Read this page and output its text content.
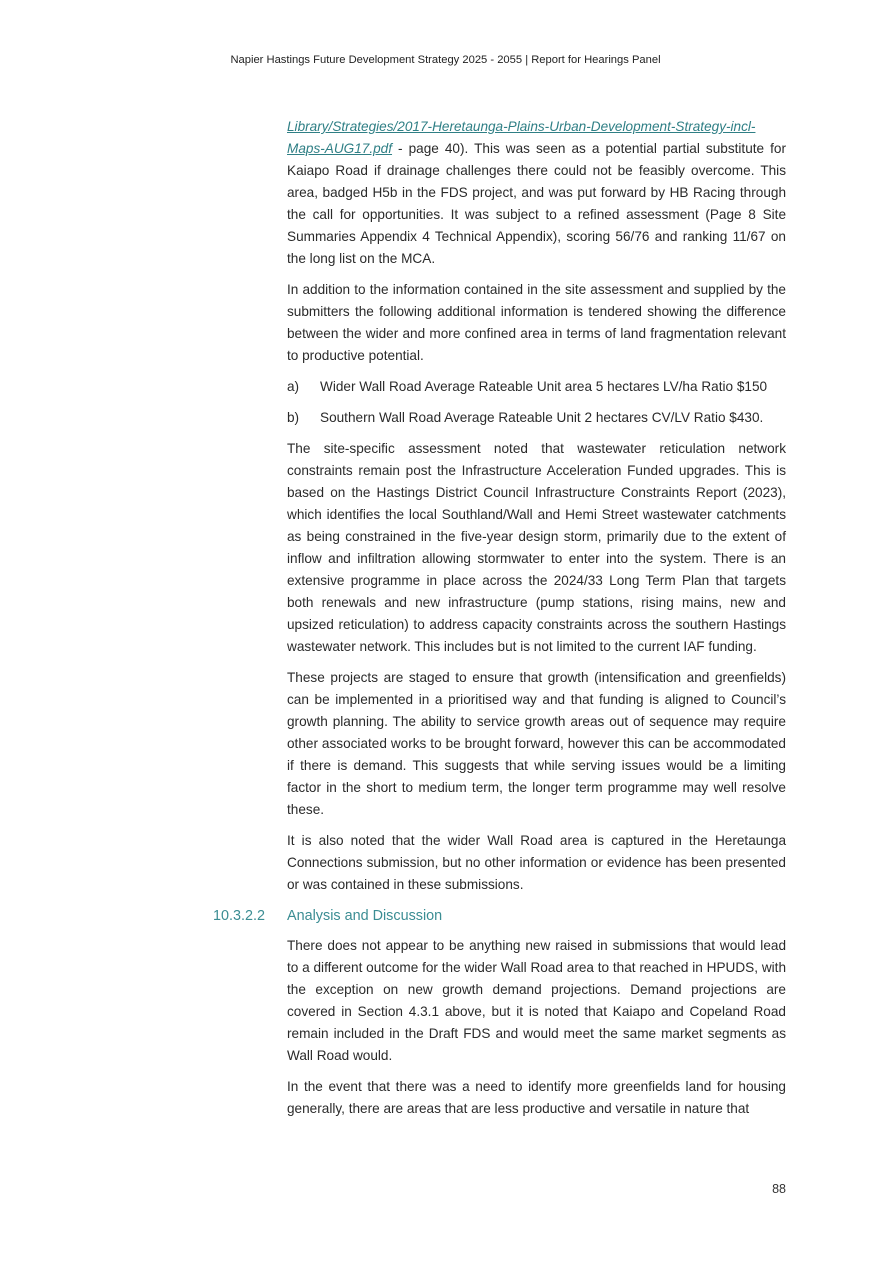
Napier Hastings Future Development Strategy 2025 - 2055 | Report for Hearings Panel

Library/Strategies/2017-Heretaunga-Plains-Urban-Development-Strategy-incl-Maps-AUG17.pdf - page 40). This was seen as a potential partial substitute for Kaiapo Road if drainage challenges there could not be feasibly overcome. This area, badged H5b in the FDS project, and was put forward by HB Racing through the call for opportunities. It was subject to a refined assessment (Page 8 Site Summaries Appendix 4 Technical Appendix), scoring 56/76 and ranking 11/67 on the long list on the MCA.

In addition to the information contained in the site assessment and supplied by the submitters the following additional information is tendered showing the difference between the wider and more confined area in terms of land fragmentation relevant to productive potential.

a)	Wider Wall Road Average Rateable Unit area 5 hectares LV/ha Ratio $150
b)	Southern Wall Road Average Rateable Unit 2 hectares CV/LV Ratio $430.

The site-specific assessment noted that wastewater reticulation network constraints remain post the Infrastructure Acceleration Funded upgrades. This is based on the Hastings District Council Infrastructure Constraints Report (2023), which identifies the local Southland/Wall and Hemi Street wastewater catchments as being constrained in the five-year design storm, primarily due to the extent of inflow and infiltration allowing stormwater to enter into the system. There is an extensive programme in place across the 2024/33 Long Term Plan that targets both renewals and new infrastructure (pump stations, rising mains, new and upsized reticulation) to address capacity constraints across the southern Hastings wastewater network. This includes but is not limited to the current IAF funding.

These projects are staged to ensure that growth (intensification and greenfields) can be implemented in a prioritised way and that funding is aligned to Council’s growth planning. The ability to service growth areas out of sequence may require other associated works to be brought forward, however this can be accommodated if there is demand. This suggests that while serving issues would be a limiting factor in the short to medium term, the longer term programme may well resolve these.

It is also noted that the wider Wall Road area is captured in the Heretaunga Connections submission, but no other information or evidence has been presented or was contained in these submissions.

10.3.2.2 Analysis and Discussion

There does not appear to be anything new raised in submissions that would lead to a different outcome for the wider Wall Road area to that reached in HPUDS, with the exception on new growth demand projections. Demand projections are covered in Section 4.3.1 above, but it is noted that Kaiapo and Copeland Road remain included in the Draft FDS and would meet the same market segments as Wall Road would.

In the event that there was a need to identify more greenfields land for housing generally, there are areas that are less productive and versatile in nature that

88
